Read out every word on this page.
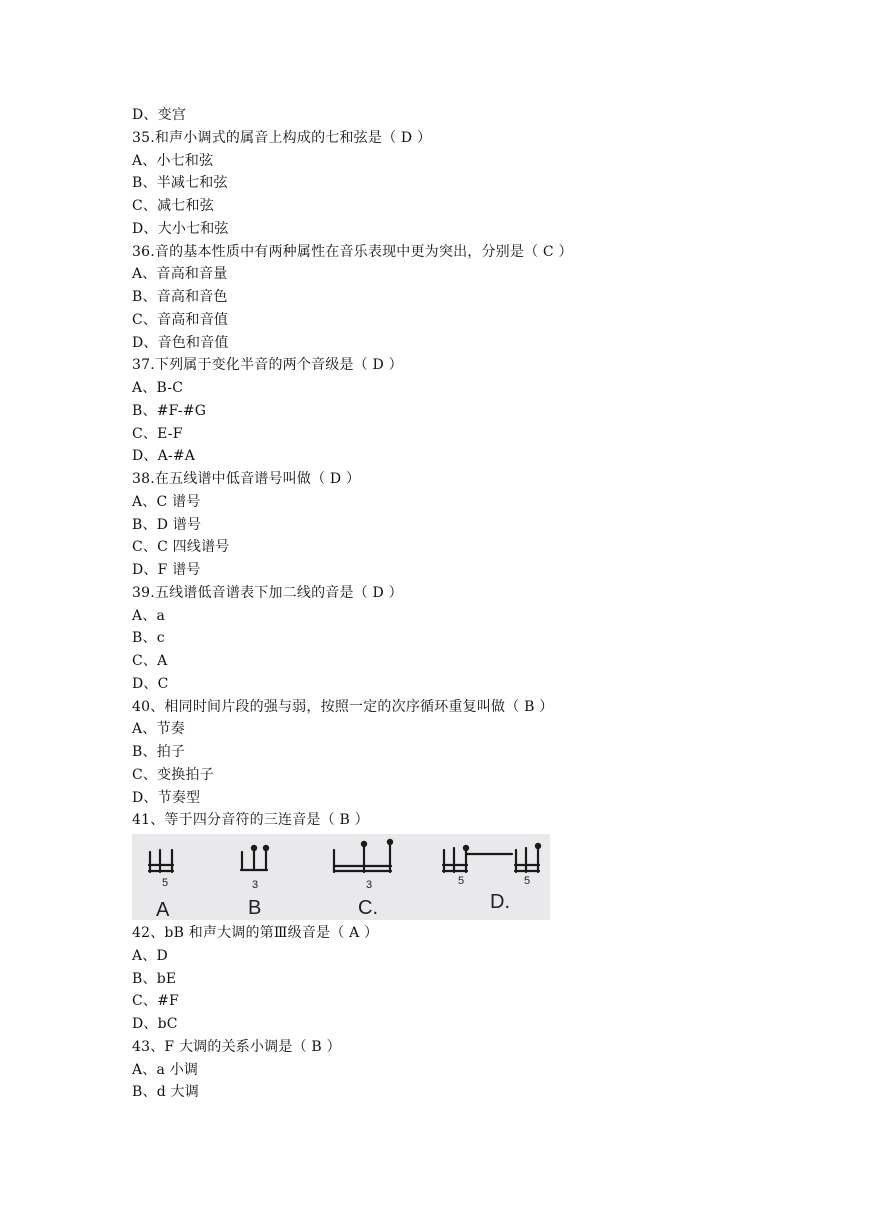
D、变宫
35.和声小调式的属音上构成的七和弦是（ D ）
A、小七和弦
B、半减七和弦
C、减七和弦
D、大小七和弦
36.音的基本性质中有两种属性在音乐表现中更为突出，分别是（ C ）
A、音高和音量
B、音高和音色
C、音高和音值
D、音色和音值
37.下列属于变化半音的两个音级是（ D ）
A、B-C
B、#F-#G
C、E-F
D、A-#A
38.在五线谱中低音谱号叫做（ D ）
A、C 谱号
B、D 谱号
C、C 四线谱号
D、F 谱号
39.五线谱低音谱表下加二线的音是（ D ）
A、a
B、c
C、A
D、C
40、相同时间片段的强与弱，按照一定的次序循环重复叫做（ B ）
A、节奏
B、拍子
C、变换拍子
D、节奏型
41、等于四分音符的三连音是（ B ）
5	3	3	5	5
A	B	C.	D.
42、bB 和声大调的第Ⅲ级音是（ A ）
A、D
B、bE
C、#F
D、bC
43、F 大调的关系小调是（ B ）
A、a 小调
B、d 大调
